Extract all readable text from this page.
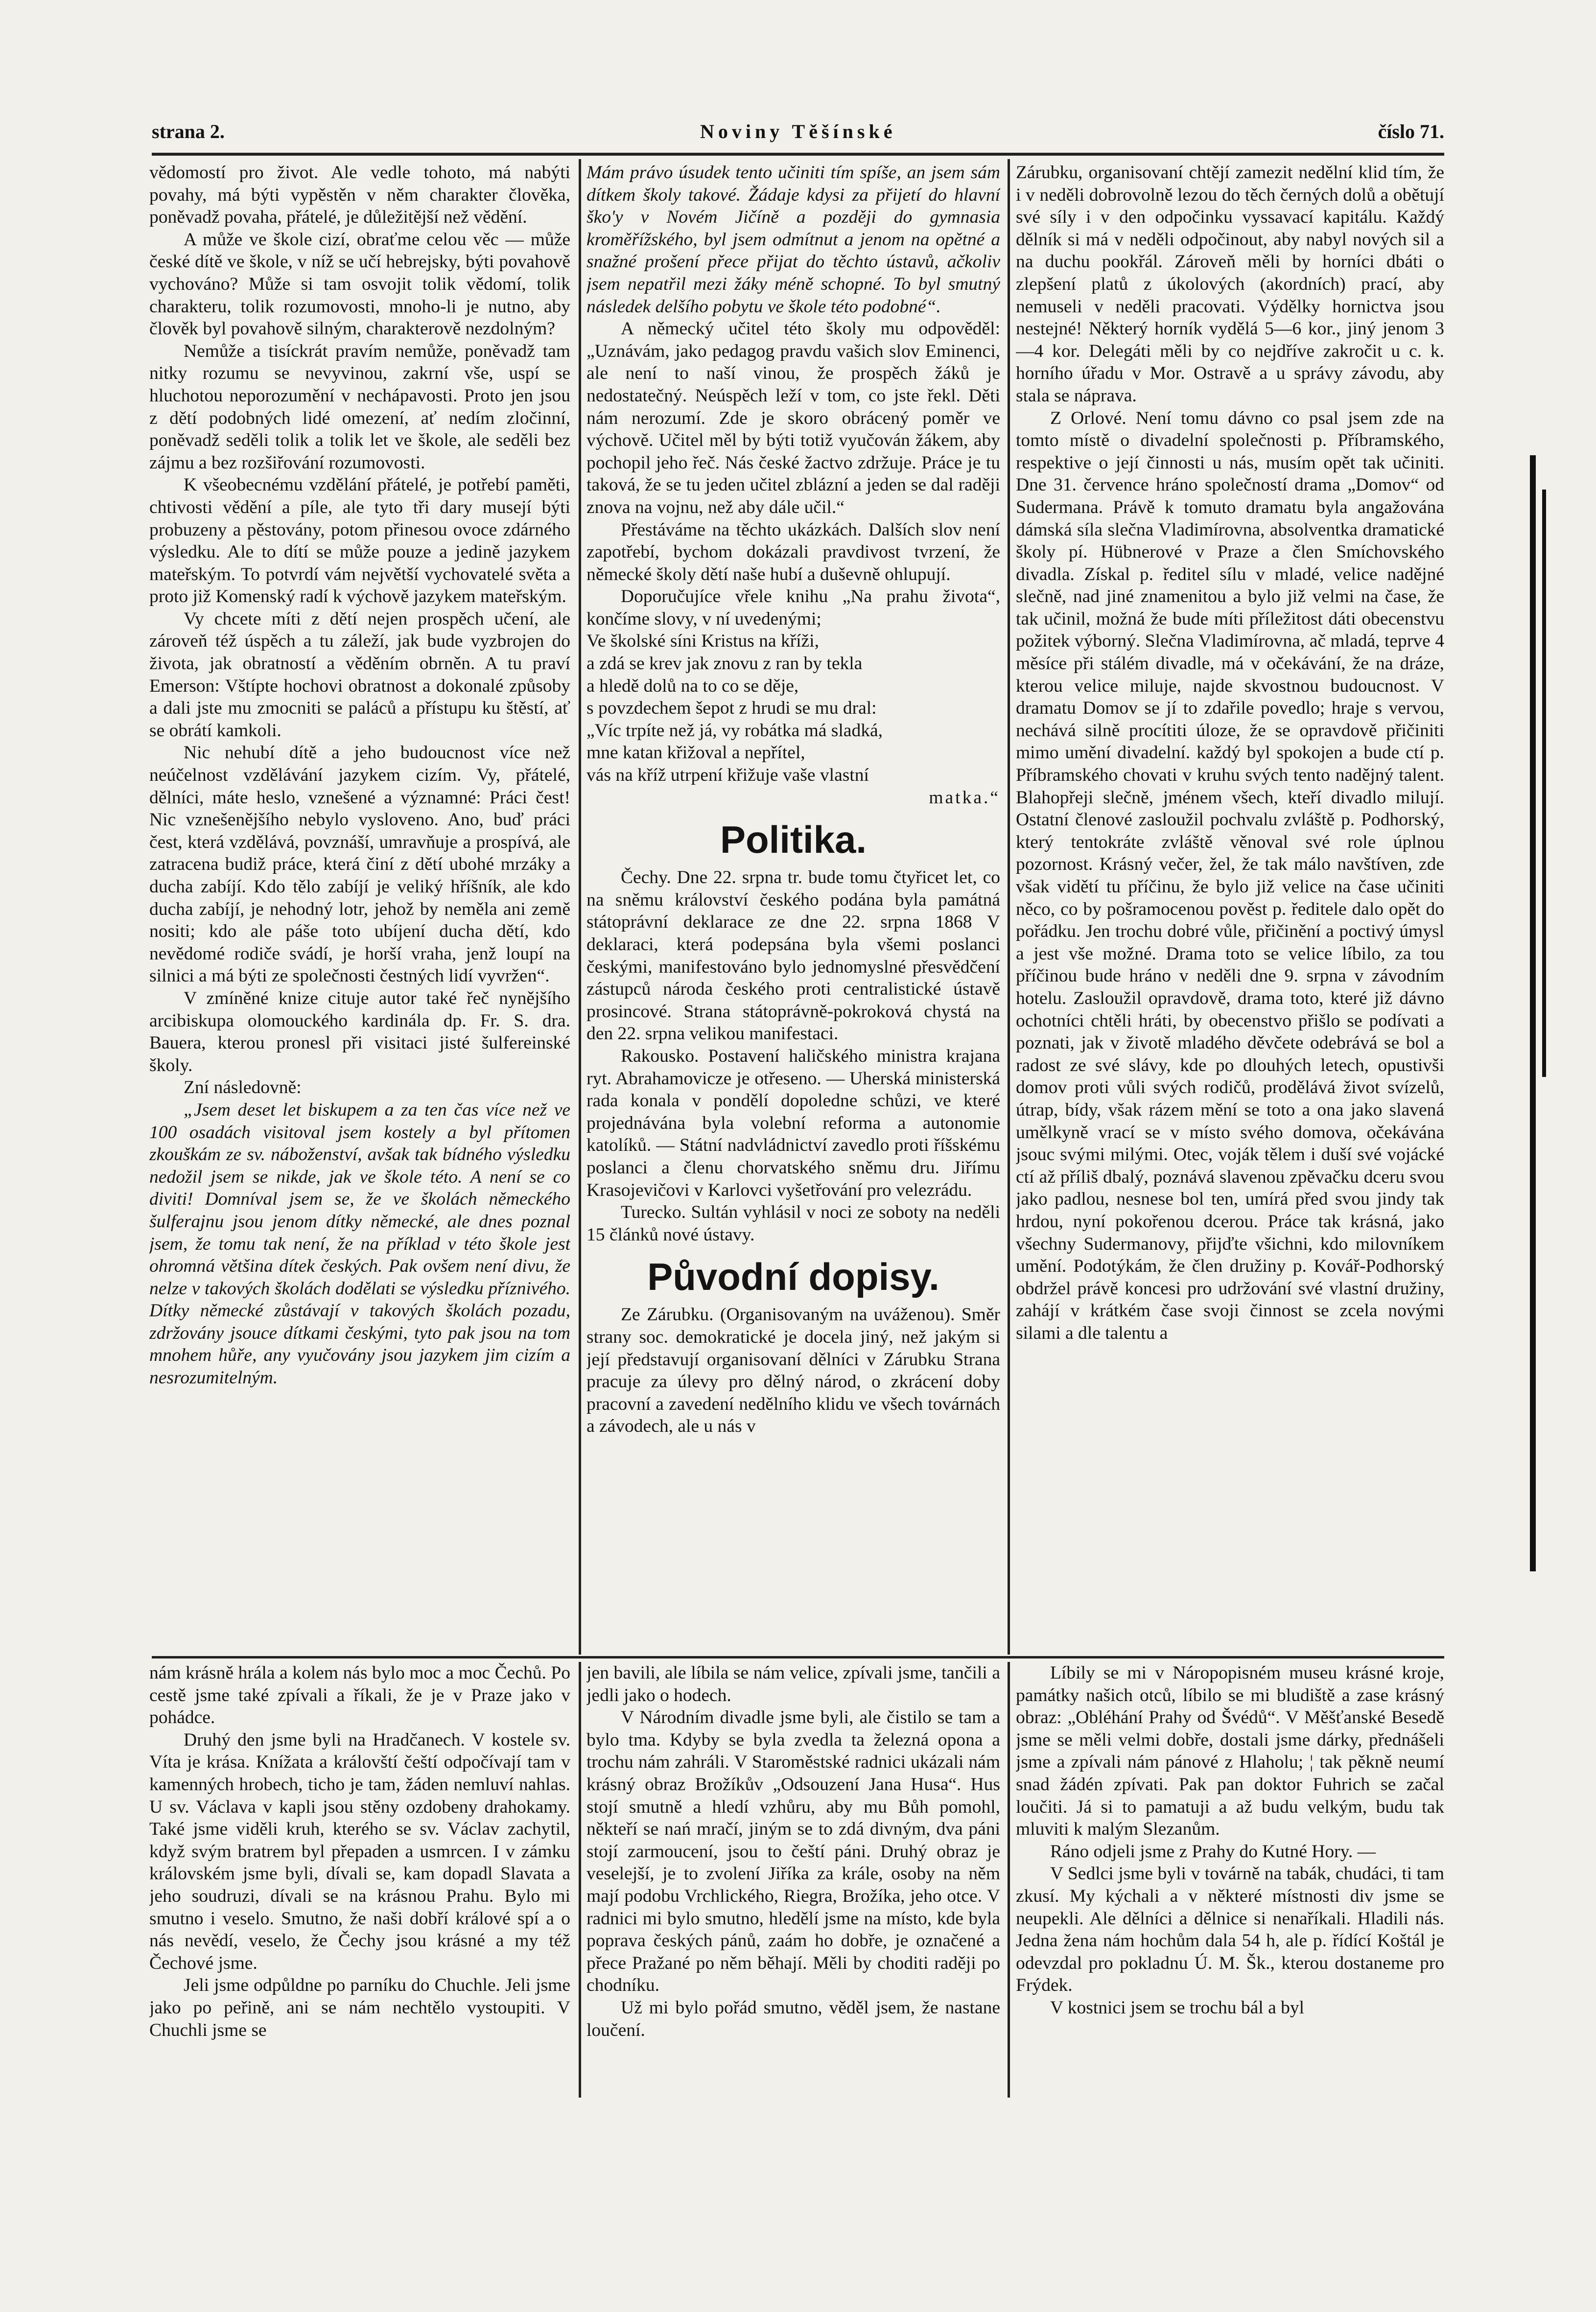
strana 2.	Noviny Těšínské	číslo 71.

vědomostí pro život. Ale vedle tohoto, má nabýti povahy, má býti vypěstěn v něm charakter člověka, poněvadž povaha, přátelé, je důležitější než vědění.

A může ve škole cizí, obraťme celou věc — může české dítě ve škole, v níž se učí hebrejsky, býti povahově vychováno? Může si tam osvojit tolik vědomí, tolik charakteru, tolik rozumovosti, mnoho-li je nutno, aby člověk byl povahově silným, charakterově nezdolným?

Nemůže a tisíckrát pravím nemůže, poněvadž tam nitky rozumu se nevyvinou, zakrní vše, uspí se hluchotou neporozumění v nechápavosti. Proto jen jsou z dětí podobných lidé omezení, ať nedím zločinní, poněvadž seděli tolik a tolik let ve škole, ale seděli bez zájmu a bez rozšiřování rozumovosti.

K všeobecnému vzdělání přátelé, je potřebí paměti, chtivosti vědění a píle, ale tyto tři dary musejí býti probuzeny a pěstovány, potom přinesou ovoce zdárného výsledku. Ale to dítí se může pouze a jedině jazykem mateřským. To potvrdí vám největší vychovatelé světa a proto již Komenský radí k výchově jazykem mateřským.

Vy chcete míti z dětí nejen prospěch učení, ale zároveň též úspěch a tu záleží, jak bude vyzbrojen do života, jak obratností a věděním obrněn. A tu praví Emerson: Vštípte hochovi obratnost a dokonalé způsoby a dali jste mu zmocniti se paláců a přístupu ku štěstí, ať se obrátí kamkoli.

Nic nehubí dítě a jeho budoucnost více než neúčelnost vzdělávání jazykem cizím. Vy, přátelé, dělníci, máte heslo, vznešené a významné: Práci čest! Nic vznešenějšího nebylo vysloveno. Ano, buď práci čest, která vzdělává, povznáší, umravňuje a prospívá, ale zatracena budiž práce, která činí z dětí ubohé mrzáky a ducha zabíjí. Kdo tělo zabíjí je veliký hříšník, ale kdo ducha zabíjí, je nehodný lotr, jehož by neměla ani země nositi; kdo ale páše toto ubíjení ducha dětí, kdo nevědomé rodiče svádí, je horší vraha, jenž loupí na silnici a má býti ze společnosti čestných lidí vyvržen“.

V zmíněné knize cituje autor také řeč nynějšího arcibiskupa olomouckého kardinála dp. Fr. S. dra. Bauera, kterou pronesl při visitaci jisté šulfereinské školy.

Zní následovně:

„Jsem deset let biskupem a za ten čas více než ve 100 osadách visitoval jsem kostely a byl přítomen zkouškám ze sv. náboženství, avšak tak bídného výsledku nedožil jsem se nikde, jak ve škole této. A není se co diviti! Domníval jsem se, že ve školách německého šulferajnu jsou jenom dítky německé, ale dnes poznal jsem, že tomu tak není, že na příklad v této škole jest ohromná většina dítek českých. Pak ovšem není divu, že nelze v takových školách dodělati se výsledku příznivého. Dítky německé zůstávají v takových školách pozadu, zdržovány jsouce dítkami českými, tyto pak jsou na tom mnohem hůře, any vyučovány jsou jazykem jim cizím a nesrozumitelným.

Mám právo úsudek tento učiniti tím spíše, an jsem sám dítkem školy takové. Žádaje kdysi za přijetí do hlavní ško'y v Novém Jičíně a později do gymnasia kroměřížského, byl jsem odmítnut a jenom na opětné a snažné prošení přece přijat do těchto ústavů, ačkoliv jsem nepatřil mezi žáky méně schopné. To byl smutný následek delšího pobytu ve škole této podobné“.

A německý učitel této školy mu odpověděl: „Uznávám, jako pedagog pravdu vašich slov Eminenci, ale není to naší vinou, že prospěch žáků je nedostatečný. Neúspěch leží v tom, co jste řekl. Děti nám nerozumí. Zde je skoro obrácený poměr ve výchově. Učitel měl by býti totiž vyučován žákem, aby pochopil jeho řeč. Nás české žactvo zdržuje. Práce je tu taková, že se tu jeden učitel zblázní a jeden se dal raději znova na vojnu, než aby dále učil.“

Přestáváme na těchto ukázkách. Dalších slov není zapotřebí, bychom dokázali pravdivost tvrzení, že německé školy dětí naše hubí a duševně ohlupují.

Doporučujíce vřele knihu „Na prahu života“, končíme slovy, v ní uvedenými;

Ve školské síni Kristus na kříži,

a zdá se krev jak znovu z ran by tekla

a hledě dolů na to co se děje,

s povzdechem šepot z hrudi se mu dral:

„Víc trpíte než já, vy robátka má sladká,

mne katan křižoval a nepřítel,

vás na kříž utrpení křižuje vaše vlastní

matka.“

Politika.

Čechy. Dne 22. srpna tr. bude tomu čtyřicet let, co na sněmu království českého podána byla památná státoprávní deklarace ze dne 22. srpna 1868 V deklaraci, která podepsána byla všemi poslanci českými, manifestováno bylo jednomyslné přesvědčení zástupců národa českého proti centralistické ústavě prosincové. Strana státoprávně-pokroková chystá na den 22. srpna velikou manifestaci.

Rakousko. Postavení haličského ministra krajana ryt. Abrahamovicze je otřeseno. — Uherská ministerská rada konala v pondělí dopoledne schůzi, ve které projednávána byla volební reforma a autonomie katolíků. — Státní nadvládnictví zavedlo proti říšskému poslanci a členu chorvatského sněmu dru. Jiřímu Krasojevičovi v Karlovci vyšetřování pro velezrádu.

Turecko. Sultán vyhlásil v noci ze soboty na neděli 15 článků nové ústavy.

Původní dopisy.

Ze Zárubku. (Organisovaným na uváženou). Směr strany soc. demokratické je docela jiný, než jakým si její představují organisovaní dělníci v Zárubku Strana pracuje za úlevy pro dělný národ, o zkrácení doby pracovní a zavedení nedělního klidu ve všech továrnách a závodech, ale u nás v

Zárubku, organisovaní chtějí zamezit nedělní klid tím, že i v neděli dobrovolně lezou do těch černých dolů a obětují své síly i v den odpočinku vyssavací kapitálu. Každý dělník si má v neděli odpočinout, aby nabyl nových sil a na duchu pookřál. Zároveň měli by horníci dbáti o zlepšení platů z úkolových (akordních) prací, aby nemuseli v neděli pracovati. Výdělky hornictva jsou nestejné! Některý horník vydělá 5—6 kor., jiný jenom 3—4 kor. Delegáti měli by co nejdříve zakročit u c. k. horního úřadu v Mor. Ostravě a u správy závodu, aby stala se náprava.

Z Orlové. Není tomu dávno co psal jsem zde na tomto místě o divadelní společnosti p. Příbramského, respektive o její činnosti u nás, musím opět tak učiniti. Dne 31. července hráno společností drama „Domov“ od Sudermana. Právě k tomuto dramatu byla angažována dámská síla slečna Vladimírovna, absolventka dramatické školy pí. Hübnerové v Praze a člen Smíchovského divadla. Získal p. ředitel sílu v mladé, velice nadějné slečně, nad jiné znamenitou a bylo již velmi na čase, že tak učinil, možná že bude míti příležitost dáti obecenstvu požitek výborný. Slečna Vladimírovna, ač mladá, teprve 4 měsíce při stálém divadle, má v očekávání, že na dráze, kterou velice miluje, najde skvostnou budoucnost. V dramatu Domov se jí to zdařile povedlo; hraje s vervou, nechává silně procítiti úloze, že se opravdově přičiniti mimo umění divadelní. každý byl spokojen a bude ctí p. Příbramského chovati v kruhu svých tento nadějný talent. Blahopřeji slečně, jménem všech, kteří divadlo milují. Ostatní členové zasloužil pochvalu zvláště p. Podhorský, který tentokráte zvláště věnoval své role úplnou pozornost. Krásný večer, žel, že tak málo navštíven, zde však vidětí tu příčinu, že bylo již velice na čase učiniti něco, co by pošramocenou pověst p. ředitele dalo opět do pořádku. Jen trochu dobré vůle, přičinění a poctivý úmysl a jest vše možné. Drama toto se velice líbilo, za tou příčinou bude hráno v neděli dne 9. srpna v závodním hotelu. Zasloužil opravdově, drama toto, které již dávno ochotníci chtěli hráti, by obecenstvo přišlo se podívati a poznati, jak v životě mladého děvčete odebrává se bol a radost ze své slávy, kde po dlouhých letech, opustivši domov proti vůli svých rodičů, prodělává život svízelů, útrap, bídy, však rázem mění se toto a ona jako slavená umělkyně vrací se v místo svého domova, očekávána jsouc svými milými. Otec, voják tělem i duší své vojácké ctí až příliš dbalý, poznává slavenou zpěvačku dceru svou jako padlou, nesnese bol ten, umírá před svou jindy tak hrdou, nyní pokořenou dcerou. Práce tak krásná, jako všechny Sudermanovy, přijďte všichni, kdo milovníkem umění. Podotýkám, že člen družiny p. Kovář-Podhorský obdržel právě koncesi pro udržování své vlastní družiny, zahájí v krátkém čase svoji činnost se zcela novými silami a dle talentu a

nám krásně hrála a kolem nás bylo moc a moc Čechů. Po cestě jsme také zpívali a říkali, že je v Praze jako v pohádce.

Druhý den jsme byli na Hradčanech. V kostele sv. Víta je krása. Knížata a královští čeští odpočívají tam v kamenných hrobech, ticho je tam, žáden nemluví nahlas. U sv. Václava v kapli jsou stěny ozdobeny drahokamy. Také jsme viděli kruh, kterého se sv. Václav zachytil, když svým bratrem byl přepaden a usmrcen. I v zámku královském jsme byli, dívali se, kam dopadl Slavata a jeho soudruzi, dívali se na krásnou Prahu. Bylo mi smutno i veselo. Smutno, že naši dobří králové spí a o nás nevědí, veselo, že Čechy jsou krásné a my též Čechové jsme.

Jeli jsme odpůldne po parníku do Chuchle. Jeli jsme jako po peřině, ani se nám nechtělo vystoupiti. V Chuchli jsme se

jen bavili, ale líbila se nám velice, zpívali jsme, tančili a jedli jako o hodech.

V Národním divadle jsme byli, ale čistilo se tam a bylo tma. Kdyby se byla zvedla ta železná opona a trochu nám zahráli. V Staroměstské radnici ukázali nám krásný obraz Brožíkův „Odsouzení Jana Husa“. Hus stojí smutně a hledí vzhůru, aby mu Bůh pomohl, někteří se nań mračí, jiným se to zdá divným, dva páni stojí zarmoucení, jsou to čeští páni. Druhý obraz je veselejší, je to zvolení Jiříka za krále, osoby na něm mají podobu Vrchlického, Riegra, Brožíka, jeho otce. V radnici mi bylo smutno, hledělí jsme na místo, kde byla poprava českých pánů, zaám ho dobře, je označené a přece Pražané po něm běhají. Měli by choditi raději po chodníku.

Už mi bylo pořád smutno, věděl jsem, že nastane loučení.

Líbily se mi v Náropopisném museu krásné kroje, památky našich otců, líbilo se mi bludiště a zase krásný obraz: „Obléhání Prahy od Švédů“. V Měšťanské Besedě jsme se měli velmi dobře, dostali jsme dárky, přednášeli jsme a zpívali nám pánové z Hlaholu; ¦ tak pěkně neumí snad žádén zpívati. Pak pan doktor Fuhrich se začal loučiti. Já si to pamatuji a až budu velkým, budu tak mluviti k malým Slezanům.

Ráno odjeli jsme z Prahy do Kutné Hory. —

V Sedlci jsme byli v továrně na tabák, chudáci, ti tam zkusí. My kýchali a v některé místnosti div jsme se neupekli. Ale dělníci a dělnice si nenaříkali. Hladili nás. Jedna žena nám hochům dala 54 h, ale p. řídící Koštál je odevzdal pro pokladnu Ú. M. Šk., kterou dostaneme pro Frýdek.

V kostnici jsem se trochu bál a byl
